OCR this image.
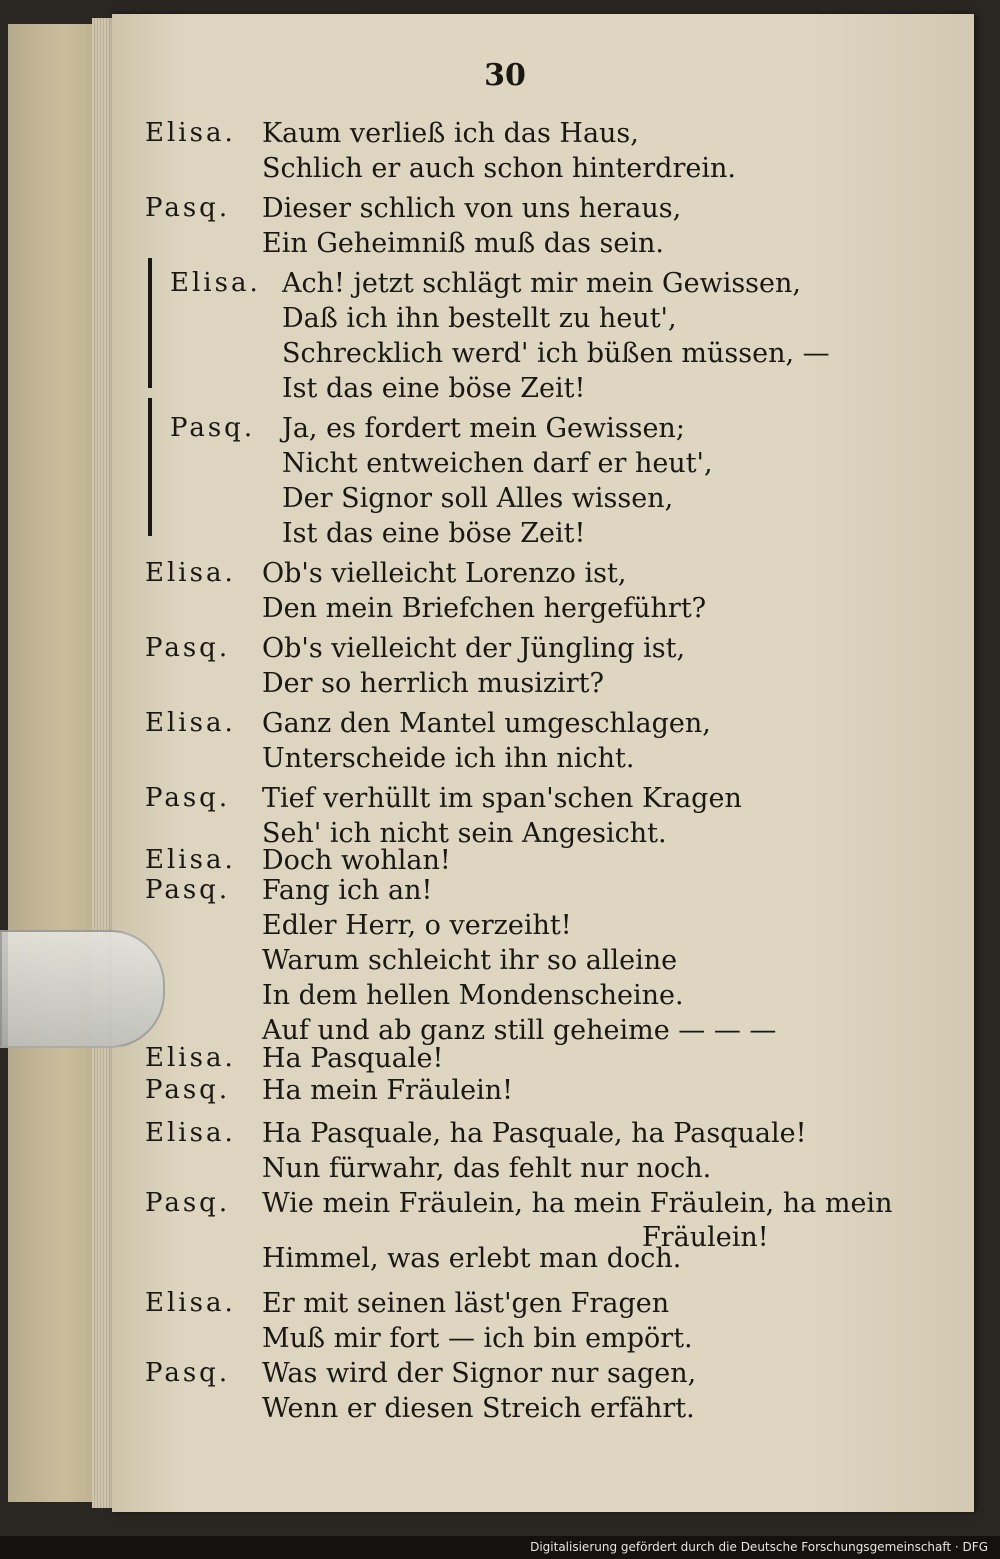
30
Elisa. Kaum verließ ich das Haus,
Schlich er auch schon hinterdrein.
Pasq.	Dieser schlich von uns heraus,
Ein Geheimniß muß das sein.
Elisa. Ach! jetzt schlägt mir mein Gewissen,
Daß ich ihn bestellt zu heut',
Schrecklich werd' ich büßen müssen, —
Ist das eine böse Zeit!
Pasq. Ja, es fordert mein Gewissen;
Nicht entweichen darf er heut',
Der Signor soll Alles wissen,
Ist das eine böse Zeit!
Elisa. Ob's vielleicht Lorenzo ist,
Den mein Briefchen hergeführt?
Pasq.	Ob's vielleicht der Jüngling ist,
Der so herrlich musizirt?
Elisa. Ganz den Mantel umgeschlagen,
Unterscheide ich ihn nicht.
Pasq.	Tief verhüllt im span'schen Kragen
Seh' ich nicht sein Angesicht.
Elisa. Doch wohlan!
Pasq.	Fang ich an!
Edler Herr, o verzeiht!
Warum schleicht ihr so alleine
In dem hellen Mondenscheine.
Auf und ab ganz still geheime — — —
Elisa. Ha Pasquale!
Pasq.	Ha mein Fräulein!
Elisa. Ha Pasquale, ha Pasquale, ha Pasquale!
Nun fürwahr, das fehlt nur noch.
Pasq.	Wie mein Fräulein, ha mein Fräulein, ha mein
Fräulein!
Himmel, was erlebt man doch.
Elisa. Er mit seinen läst'gen Fragen
Muß mir fort — ich bin empört.
Pasq.	Was wird der Signor nur sagen,
Wenn er diesen Streich erfährt.
Digitalisierung gefördert durch die Deutsche Forschungsgemeinschaft · DFG
